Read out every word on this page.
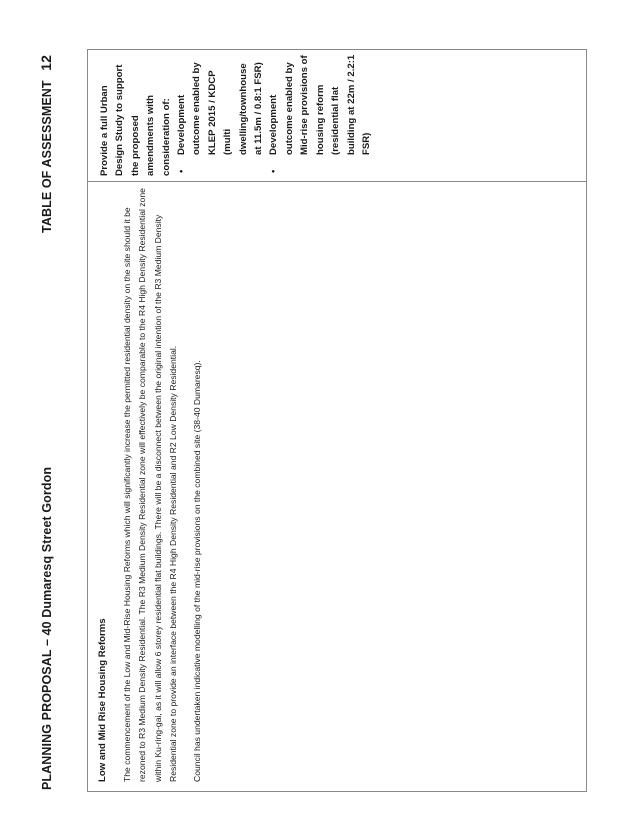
PLANNING PROPOSAL – 40 Dumaresq Street Gordon
TABLE OF ASSESSMENT 12
Low and Mid Rise Housing Reforms The commencement of the Low and Mid-Rise Housing Reforms which will significantly increase the permitted residential density on the site should it be rezoned to R3 Medium Density Residential. The R3 Medium Density Residential zone will effectively be comparable to the R4 High Density Residential zone within Ku-ring-gai, as it will allow 6 storey residential flat buildings. There will be a disconnect between the original intention of the R3 Medium Density Residential zone to provide an interface between the R4 High Density Residential and R2 Low Density Residential.	Council has undertaken indicative modelling of the mid-rise provisions on the combined site (38-40 Dumaresq).

Provide a full Urban Design Study to support the proposed amendments with consideration of: • Development outcome enabled by KLEP 2015 / KDCP (multi dwelling/townhouse at 11.5m / 0.8:1 FSR) • Development outcome enabled by Mid-rise provisions of housing reform (residential flat building at 22m / 2.2:1 FSR)
